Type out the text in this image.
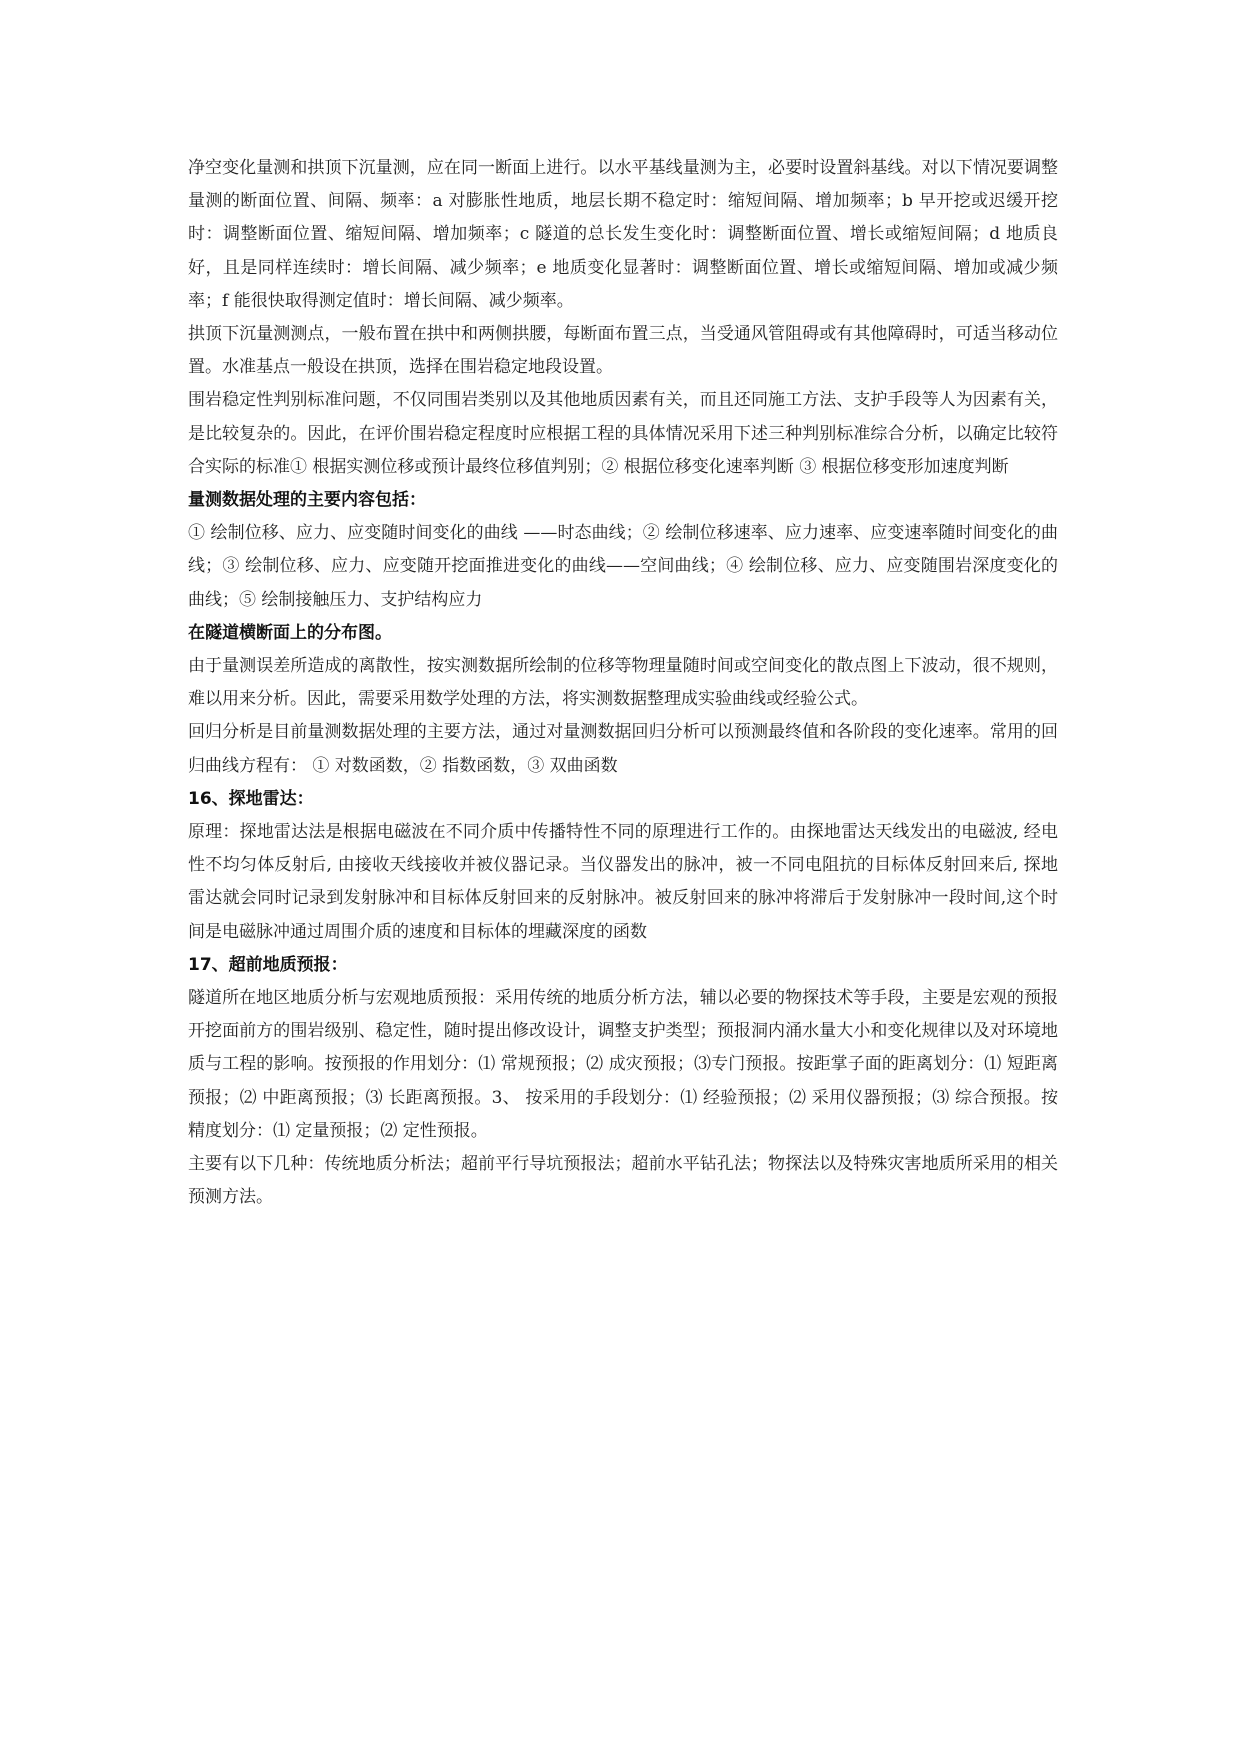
净空变化量测和拱顶下沉量测，应在同一断面上进行。以水平基线量测为主，必要时设置斜基线。对以下情况要调整量测的断面位置、间隔、频率：a 对膨胀性地质，地层长期不稳定时：缩短间隔、增加频率；b 早开挖或迟缓开挖时：调整断面位置、缩短间隔、增加频率；c 隧道的总长发生变化时：调整断面位置、增长或缩短间隔；d 地质良好，且是同样连续时：增长间隔、减少频率；e 地质变化显著时：调整断面位置、增长或缩短间隔、增加或减少频率；f 能很快取得测定值时：增长间隔、减少频率。

拱顶下沉量测测点，一般布置在拱中和两侧拱腰，每断面布置三点，当受通风管阻碍或有其他障碍时，可适当移动位置。水准基点一般设在拱顶，选择在围岩稳定地段设置。

围岩稳定性判别标准问题，不仅同围岩类别以及其他地质因素有关，而且还同施工方法、支护手段等人为因素有关，是比较复杂的。因此，在评价围岩稳定程度时应根据工程的具体情况采用下述三种判别标准综合分析，以确定比较符合实际的标准① 根据实测位移或预计最终位移值判别；② 根据位移变化速率判断 ③ 根据位移变形加速度判断

量测数据处理的主要内容包括：

① 绘制位移、应力、应变随时间变化的曲线 ——时态曲线；② 绘制位移速率、应力速率、应变速率随时间变化的曲线；③ 绘制位移、应力、应变随开挖面推进变化的曲线——空间曲线；④ 绘制位移、应力、应变随围岩深度变化的曲线；⑤ 绘制接触压力、支护结构应力

在隧道横断面上的分布图。

由于量测误差所造成的离散性，按实测数据所绘制的位移等物理量随时间或空间变化的散点图上下波动，很不规则，难以用来分析。因此，需要采用数学处理的方法，将实测数据整理成实验曲线或经验公式。

回归分析是目前量测数据处理的主要方法，通过对量测数据回归分析可以预测最终值和各阶段的变化速率。常用的回归曲线方程有： ① 对数函数，② 指数函数，③ 双曲函数

16、探地雷达：

原理：探地雷达法是根据电磁波在不同介质中传播特性不同的原理进行工作的。由探地雷达天线发出的电磁波, 经电性不均匀体反射后, 由接收天线接收并被仪器记录。当仪器发出的脉冲，被一不同电阻抗的目标体反射回来后, 探地雷达就会同时记录到发射脉冲和目标体反射回来的反射脉冲。被反射回来的脉冲将滞后于发射脉冲一段时间,这个时间是电磁脉冲通过周围介质的速度和目标体的埋藏深度的函数

17、超前地质预报：

隧道所在地区地质分析与宏观地质预报：采用传统的地质分析方法，辅以必要的物探技术等手段，主要是宏观的预报开挖面前方的围岩级别、稳定性，随时提出修改设计，调整支护类型；预报洞内涌水量大小和变化规律以及对环境地质与工程的影响。按预报的作用划分：⑴ 常规预报；⑵ 成灾预报；⑶专门预报。按距掌子面的距离划分：⑴ 短距离预报；⑵ 中距离预报；⑶ 长距离预报。3、 按采用的手段划分：⑴ 经验预报；⑵ 采用仪器预报；⑶ 综合预报。按精度划分：⑴ 定量预报；⑵ 定性预报。

主要有以下几种：传统地质分析法；超前平行导坑预报法；超前水平钻孔法；物探法以及特殊灾害地质所采用的相关预测方法。
